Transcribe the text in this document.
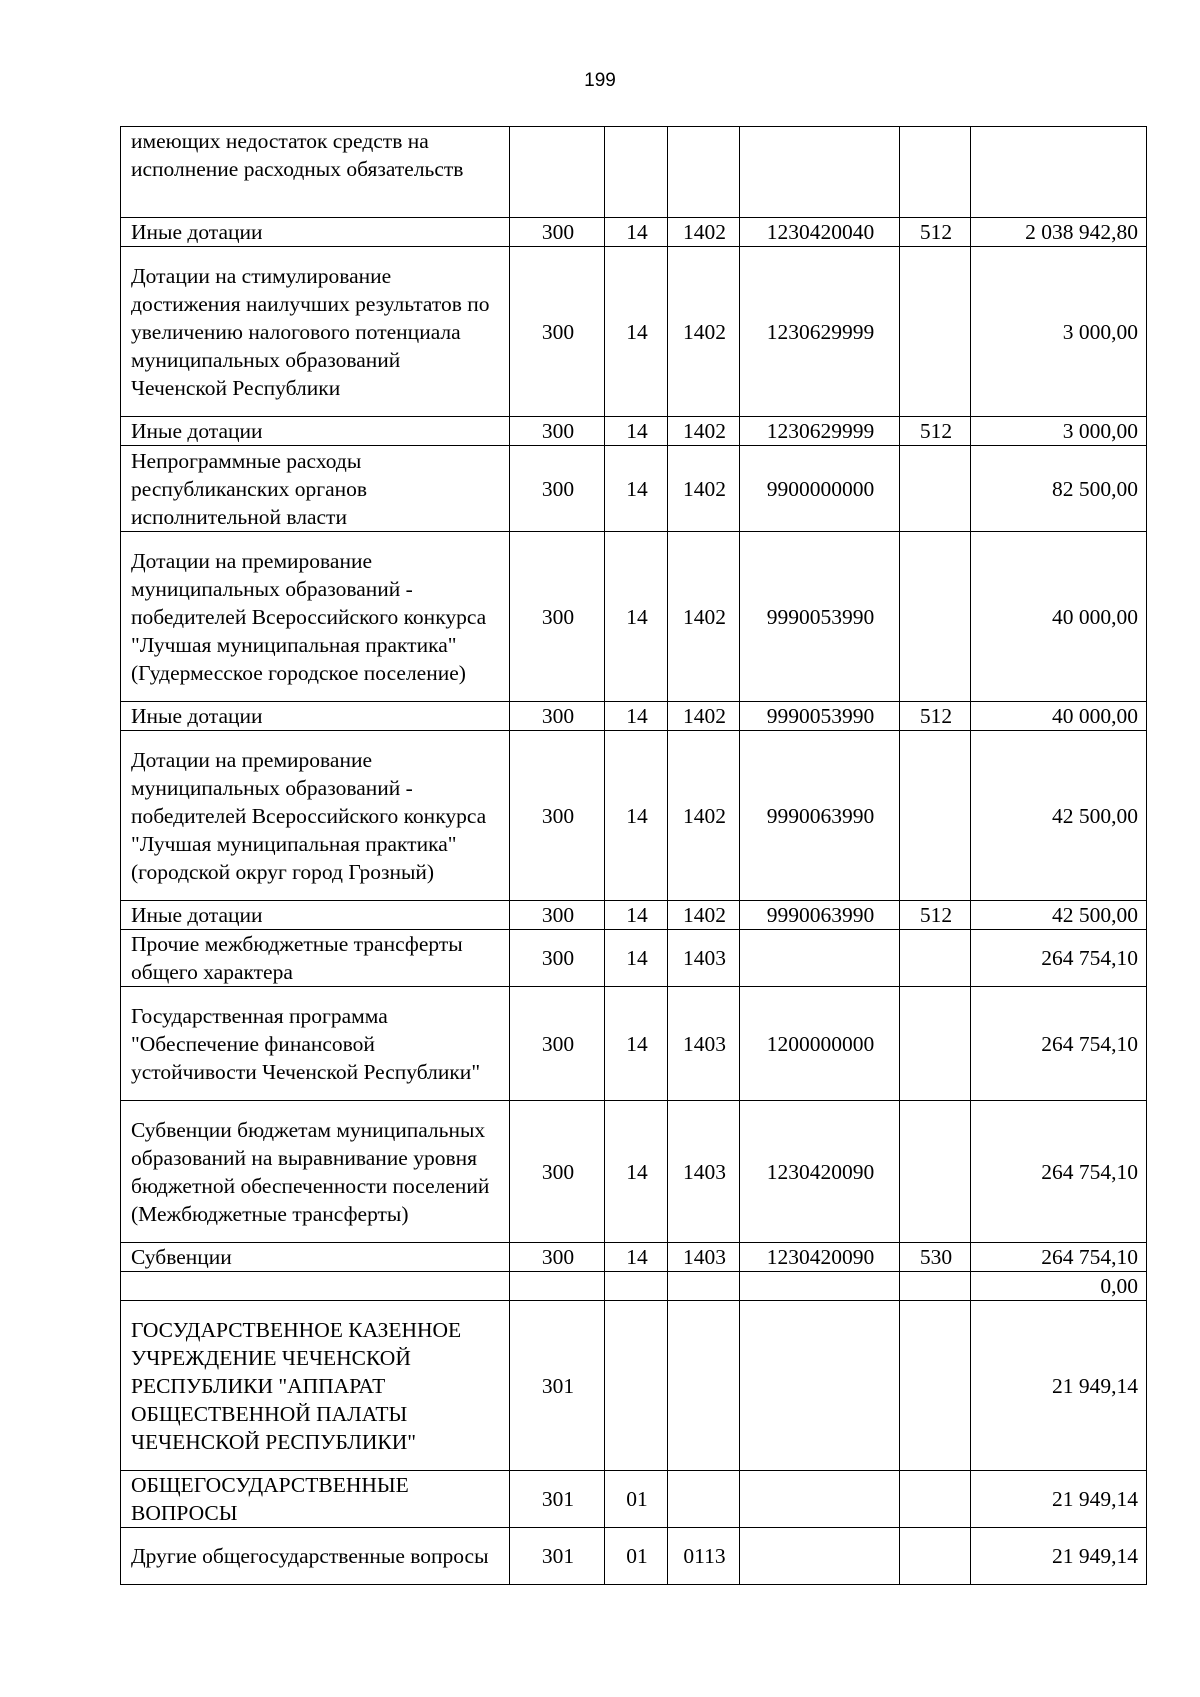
199
имеющих недостаток средств на исполнение расходных обязательств						
Иные дотации	300	14	1402	1230420040	512	2 038 942,80
Дотации на стимулирование достижения наилучших результатов по увеличению налогового потенциала муниципальных образований Чеченской Республики	300	14	1402	1230629999		3 000,00
Иные дотации	300	14	1402	1230629999	512	3 000,00
Непрограммные расходы республиканских органов исполнительной власти	300	14	1402	9900000000		82 500,00
Дотации на премирование муниципальных образований - победителей Всероссийского конкурса "Лучшая муниципальная практика" (Гудермесское городское поселение)	300	14	1402	9990053990		40 000,00
Иные дотации	300	14	1402	9990053990	512	40 000,00
Дотации на премирование муниципальных образований - победителей Всероссийского конкурса "Лучшая муниципальная практика" (городской округ город Грозный)	300	14	1402	9990063990		42 500,00
Иные дотации	300	14	1402	9990063990	512	42 500,00
Прочие межбюджетные трансферты общего характера	300	14	1403			264 754,10
Государственная программа "Обеспечение финансовой устойчивости Чеченской Республики"	300	14	1403	1200000000		264 754,10
Субвенции бюджетам муниципальных образований на выравнивание уровня бюджетной обеспеченности поселений (Межбюджетные трансферты)	300	14	1403	1230420090		264 754,10
Субвенции	300	14	1403	1230420090	530	264 754,10
						0,00
ГОСУДАРСТВЕННОЕ КАЗЕННОЕ УЧРЕЖДЕНИЕ ЧЕЧЕНСКОЙ РЕСПУБЛИКИ "АППАРАТ ОБЩЕСТВЕННОЙ ПАЛАТЫ ЧЕЧЕНСКОЙ РЕСПУБЛИКИ"	301					21 949,14
ОБЩЕГОСУДАРСТВЕННЫЕ ВОПРОСЫ	301	01				21 949,14
Другие общегосударственные вопросы	301	01	0113			21 949,14
